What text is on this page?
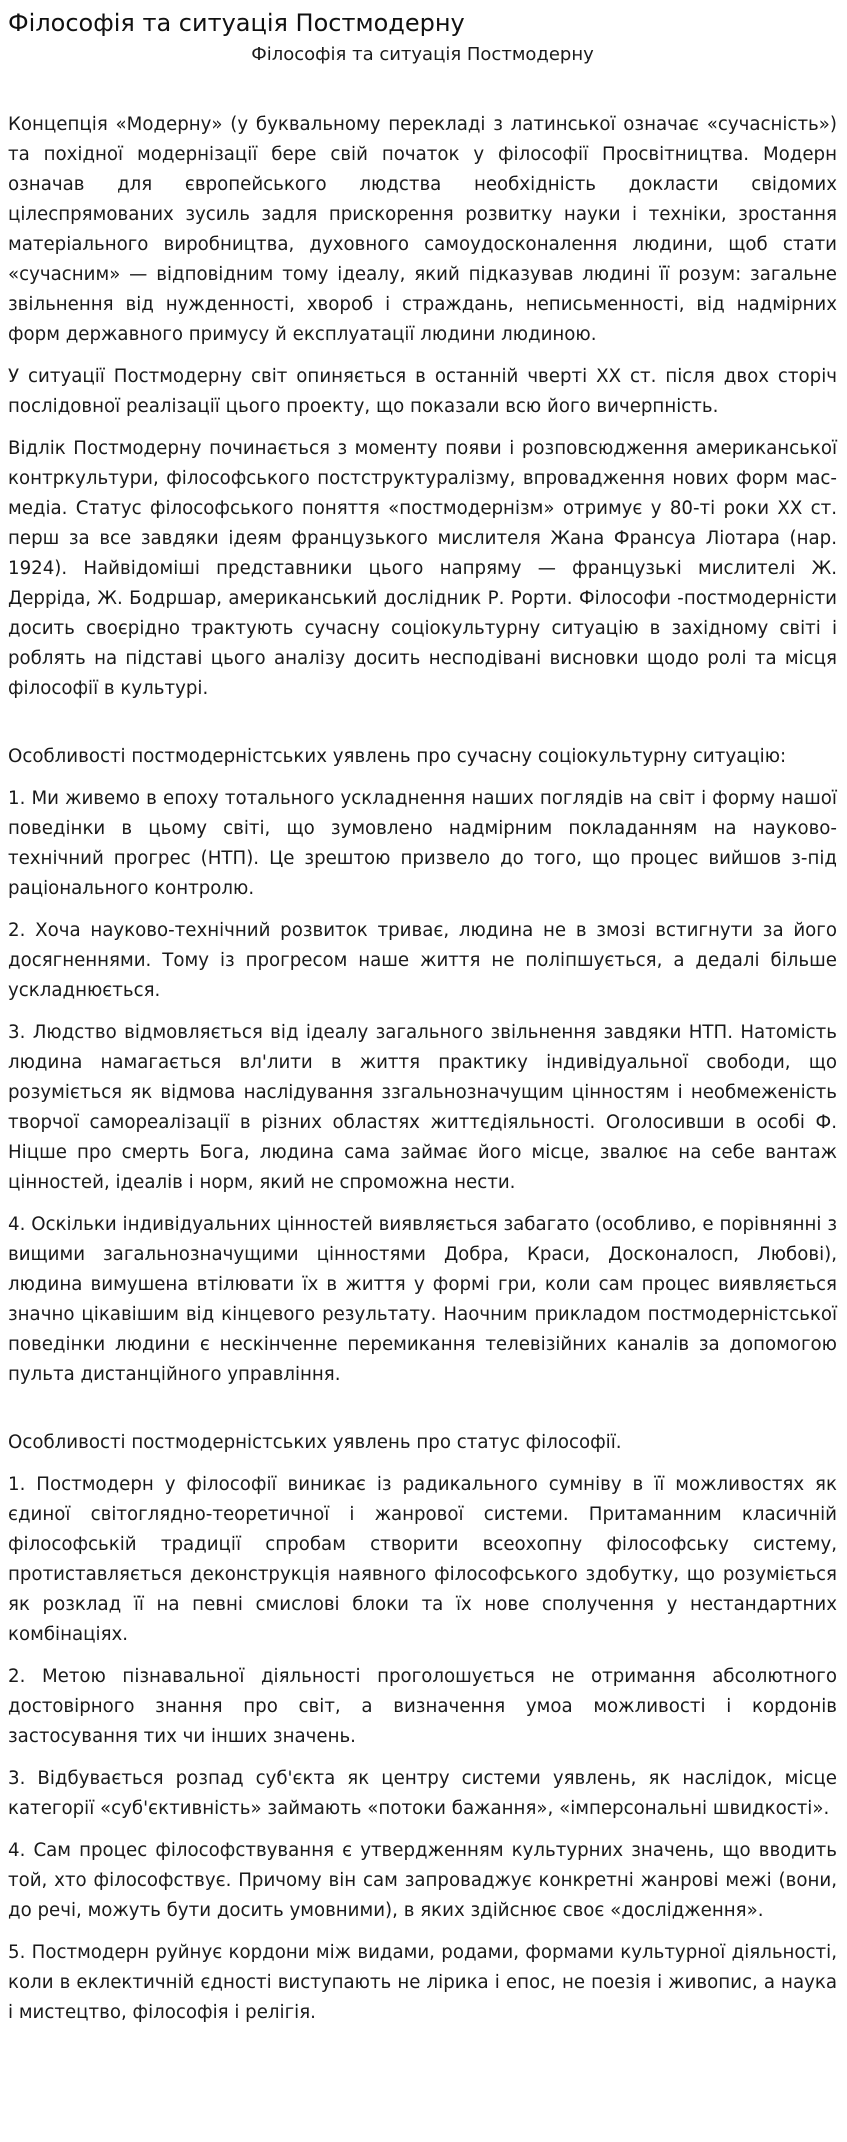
Філософія та ситуація Постмодерну
Філософія та ситуація Постмодерну

Концепція «Модерну» (у буквальному перекладі з латинської означає «сучасність») та похідної модернізації бере свій початок у філософії Просвітництва. Модерн означав для європейського людства необхідність докласти свідомих цілеспрямованих зусиль задля прискорення розвитку науки і техніки, зростання матеріального виробництва, духовного самоудосконалення людини, щоб стати «сучасним» — відповідним тому ідеалу, який підказував людині її розум: загальне звільнення від нужденності, хвороб і страждань, неписьменності, від надмірних форм державного примусу й експлуатації людини людиною.

У ситуації Постмодерну світ опиняється в останній чверті XX ст. після двох сторіч послідовної реалізації цього проекту, що показали всю його вичерпність.

Відлік Постмодерну починається з моменту появи і розповсюдження американської контркультури, філософського постструктуралізму, впровадження нових форм мас-медіа. Статус філософського поняття «постмодернізм» отримує у 80-ті роки XX ст. перш за все завдяки ідеям французького мислителя Жана Франсуа Ліотара (нар. 1924). Найвідоміші представники цього напряму — французькі мислителі Ж. Дерріда, Ж. Бодршар, американський дослідник Р. Рорти. Філософи -постмодерністи досить своєрідно трактують сучасну соціокультурну ситуацію в західному світі і роблять на підставі цього аналізу досить несподівані висновки щодо ролі та місця філософії в культурі.

Особливості постмодерністських уявлень про сучасну соціокультурну ситуацію:

1. Ми живемо в епоху тотального ускладнення наших поглядів на світ і форму нашої поведінки в цьому світі, що зумовлено надмірним покладанням на науково-технічний прогрес (НТП). Це зрештою призвело до того, що процес вийшов з-під раціонального контролю.

2. Хоча науково-технічний розвиток триває, людина не в змозі встигнути за його досягненнями. Тому із прогресом наше життя не поліпшується, а дедалі більше ускладнюється.

3. Людство відмовляється від ідеалу загального звільнення завдяки НТП. Натомість людина намагається вл'лити в життя практику індивідуальної свободи, що розуміється як відмова наслідування ззгальнозначущим цінностям і необмеженість творчої самореалізації в різних областях життєдіяльності. Оголосивши в особі Ф. Ніцше про смерть Бога, людина сама займає його місце, звалює на себе вантаж цінностей, ідеалів і норм, який не спроможна нести.

4. Оскільки індивідуальних цінностей виявляється забагато (особливо, е порівнянні з вищими загальнозначущими цінностями Добра, Краси, Досконалосп, Любові), людина вимушена втілювати їх в життя у формі гри, коли сам процес виявляється значно цікавішим від кінцевого результату. Наочним прикладом постмодерністської поведінки людини є нескінченне перемикання телевізійних каналів за допомогою пульта дистанційного управління.

Особливості постмодерністських уявлень про статус філософії.

1. Постмодерн у філософії виникає із радикального сумніву в її можливостях як єдиної світоглядно-теоретичної і жанрової системи. Притаманним класичній філософській традиції спробам створити всеохопну філософську систему, протиставляється деконструкція наявного філософського здобутку, що розуміється як розклад її на певні смислові блоки та їх нове сполучення у нестандартних комбінаціях.

2. Метою пізнавальної діяльності проголошується не отримання абсолютного достовірного знання про світ, а визначення умоа можливості і кордонів застосування тих чи інших значень.

3. Відбувається розпад суб'єкта як центру системи уявлень, як наслідок, місце категорії «суб'єктивність» займають «потоки бажання», «імперсональні швидкості».

4. Сам процес філософствування є утвердженням культурних значень, що вводить той, хто філософствує. Причому він сам запроваджує конкретні жанрові межі (вони, до речі, можуть бути досить умовними), в яких здійснює своє «дослідження».

5. Постмодерн руйнує кордони між видами, родами, формами культурної діяльності, коли в еклектичній єдності виступають не лірика і епос, не поезія і живопис, а наука і мистецтво, філософія і релігія.
